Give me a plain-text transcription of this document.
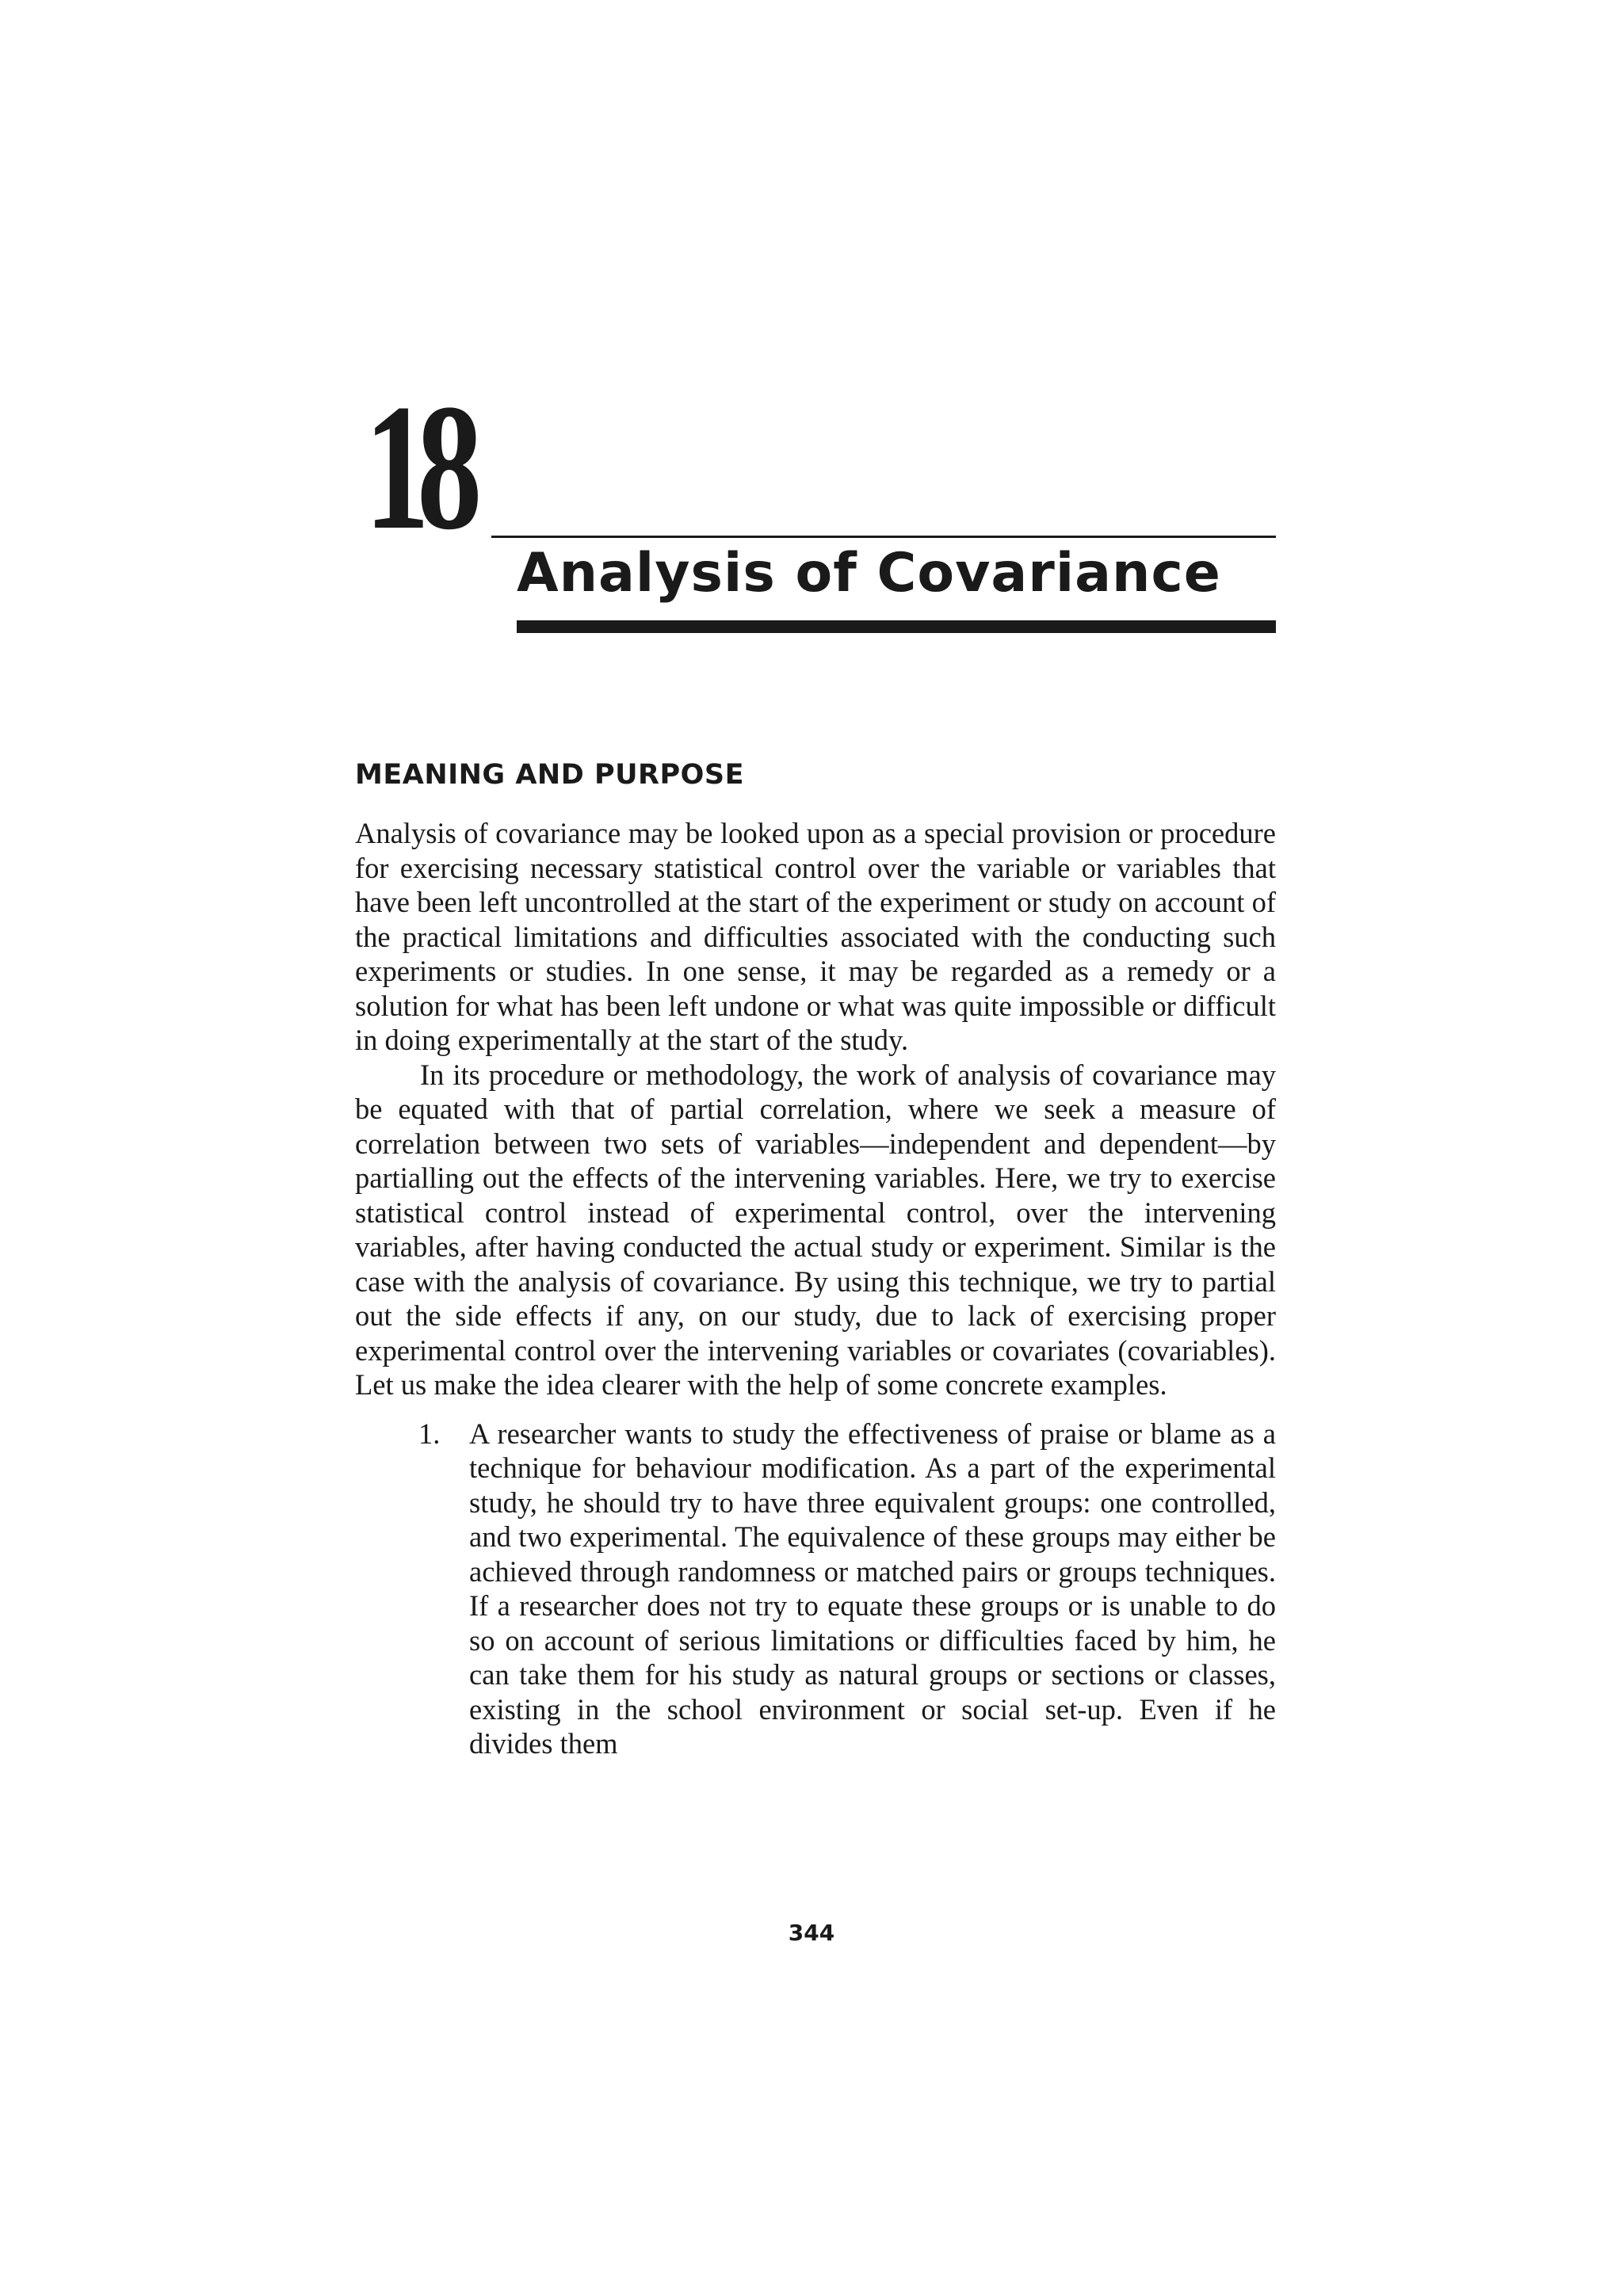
18
Analysis of Covariance
MEANING AND PURPOSE

Analysis of covariance may be looked upon as a special provision or procedure for exercising necessary statistical control over the variable or variables that have been left uncontrolled at the start of the experiment or study on account of the practical limitations and difficulties associated with the conducting such experiments or studies. In one sense, it may be regarded as a remedy or a solution for what has been left undone or what was quite impossible or difficult in doing experimentally at the start of the study.

In its procedure or methodology, the work of analysis of covariance may be equated with that of partial correlation, where we seek a measure of correlation between two sets of variables—independent and dependent—by partialling out the effects of the intervening variables. Here, we try to exercise statistical control instead of experimental control, over the intervening variables, after having conducted the actual study or experiment. Similar is the case with the analysis of covariance. By using this technique, we try to partial out the side effects if any, on our study, due to lack of exercising proper experimental control over the intervening variables or covariates (covariables). Let us make the idea clearer with the help of some concrete examples.

1. A researcher wants to study the effectiveness of praise or blame as a technique for behaviour modification. As a part of the experimental study, he should try to have three equivalent groups: one controlled, and two experimental. The equivalence of these groups may either be achieved through randomness or matched pairs or groups techniques. If a researcher does not try to equate these groups or is unable to do so on account of serious limitations or difficulties faced by him, he can take them for his study as natural groups or sections or classes, existing in the school environment or social set-up. Even if he divides them
344
